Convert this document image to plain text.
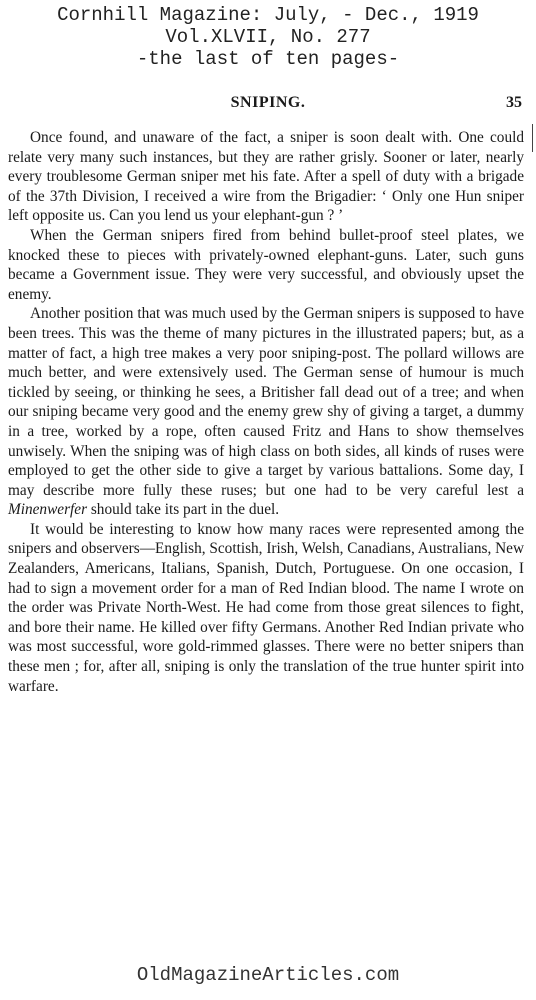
Cornhill Magazine: July, - Dec., 1919
Vol.XLVII, No. 277
-the last of ten pages-
SNIPING.	35

Once found, and unaware of the fact, a sniper is soon dealt with. One could relate very many such instances, but they are rather grisly. Sooner or later, nearly every troublesome German sniper met his fate. After a spell of duty with a brigade of the 37th Division, I received a wire from the Brigadier: ‘ Only one Hun sniper left opposite us. Can you lend us your elephant-gun ? ’

When the German snipers fired from behind bullet-proof steel plates, we knocked these to pieces with privately-owned elephant-guns. Later, such guns became a Government issue. They were very successful, and obviously upset the enemy.

Another position that was much used by the German snipers is supposed to have been trees. This was the theme of many pictures in the illustrated papers; but, as a matter of fact, a high tree makes a very poor sniping-post. The pollard willows are much better, and were extensively used. The German sense of humour is much tickled by seeing, or thinking he sees, a Britisher fall dead out of a tree; and when our sniping became very good and the enemy grew shy of giving a target, a dummy in a tree, worked by a rope, often caused Fritz and Hans to show themselves unwisely. When the sniping was of high class on both sides, all kinds of ruses were employed to get the other side to give a target by various battalions. Some day, I may describe more fully these ruses; but one had to be very careful lest a Minenwerfer should take its part in the duel.

It would be interesting to know how many races were represented among the snipers and observers—English, Scottish, Irish, Welsh, Canadians, Australians, New Zealanders, Americans, Italians, Spanish, Dutch, Portuguese. On one occasion, I had to sign a movement order for a man of Red Indian blood. The name I wrote on the order was Private North-West. He had come from those great silences to fight, and bore their name. He killed over fifty Germans. Another Red Indian private who was most successful, wore gold-rimmed glasses. There were no better snipers than these men ; for, after all, sniping is only the translation of the true hunter spirit into warfare.

OldMagazineArticles.com
